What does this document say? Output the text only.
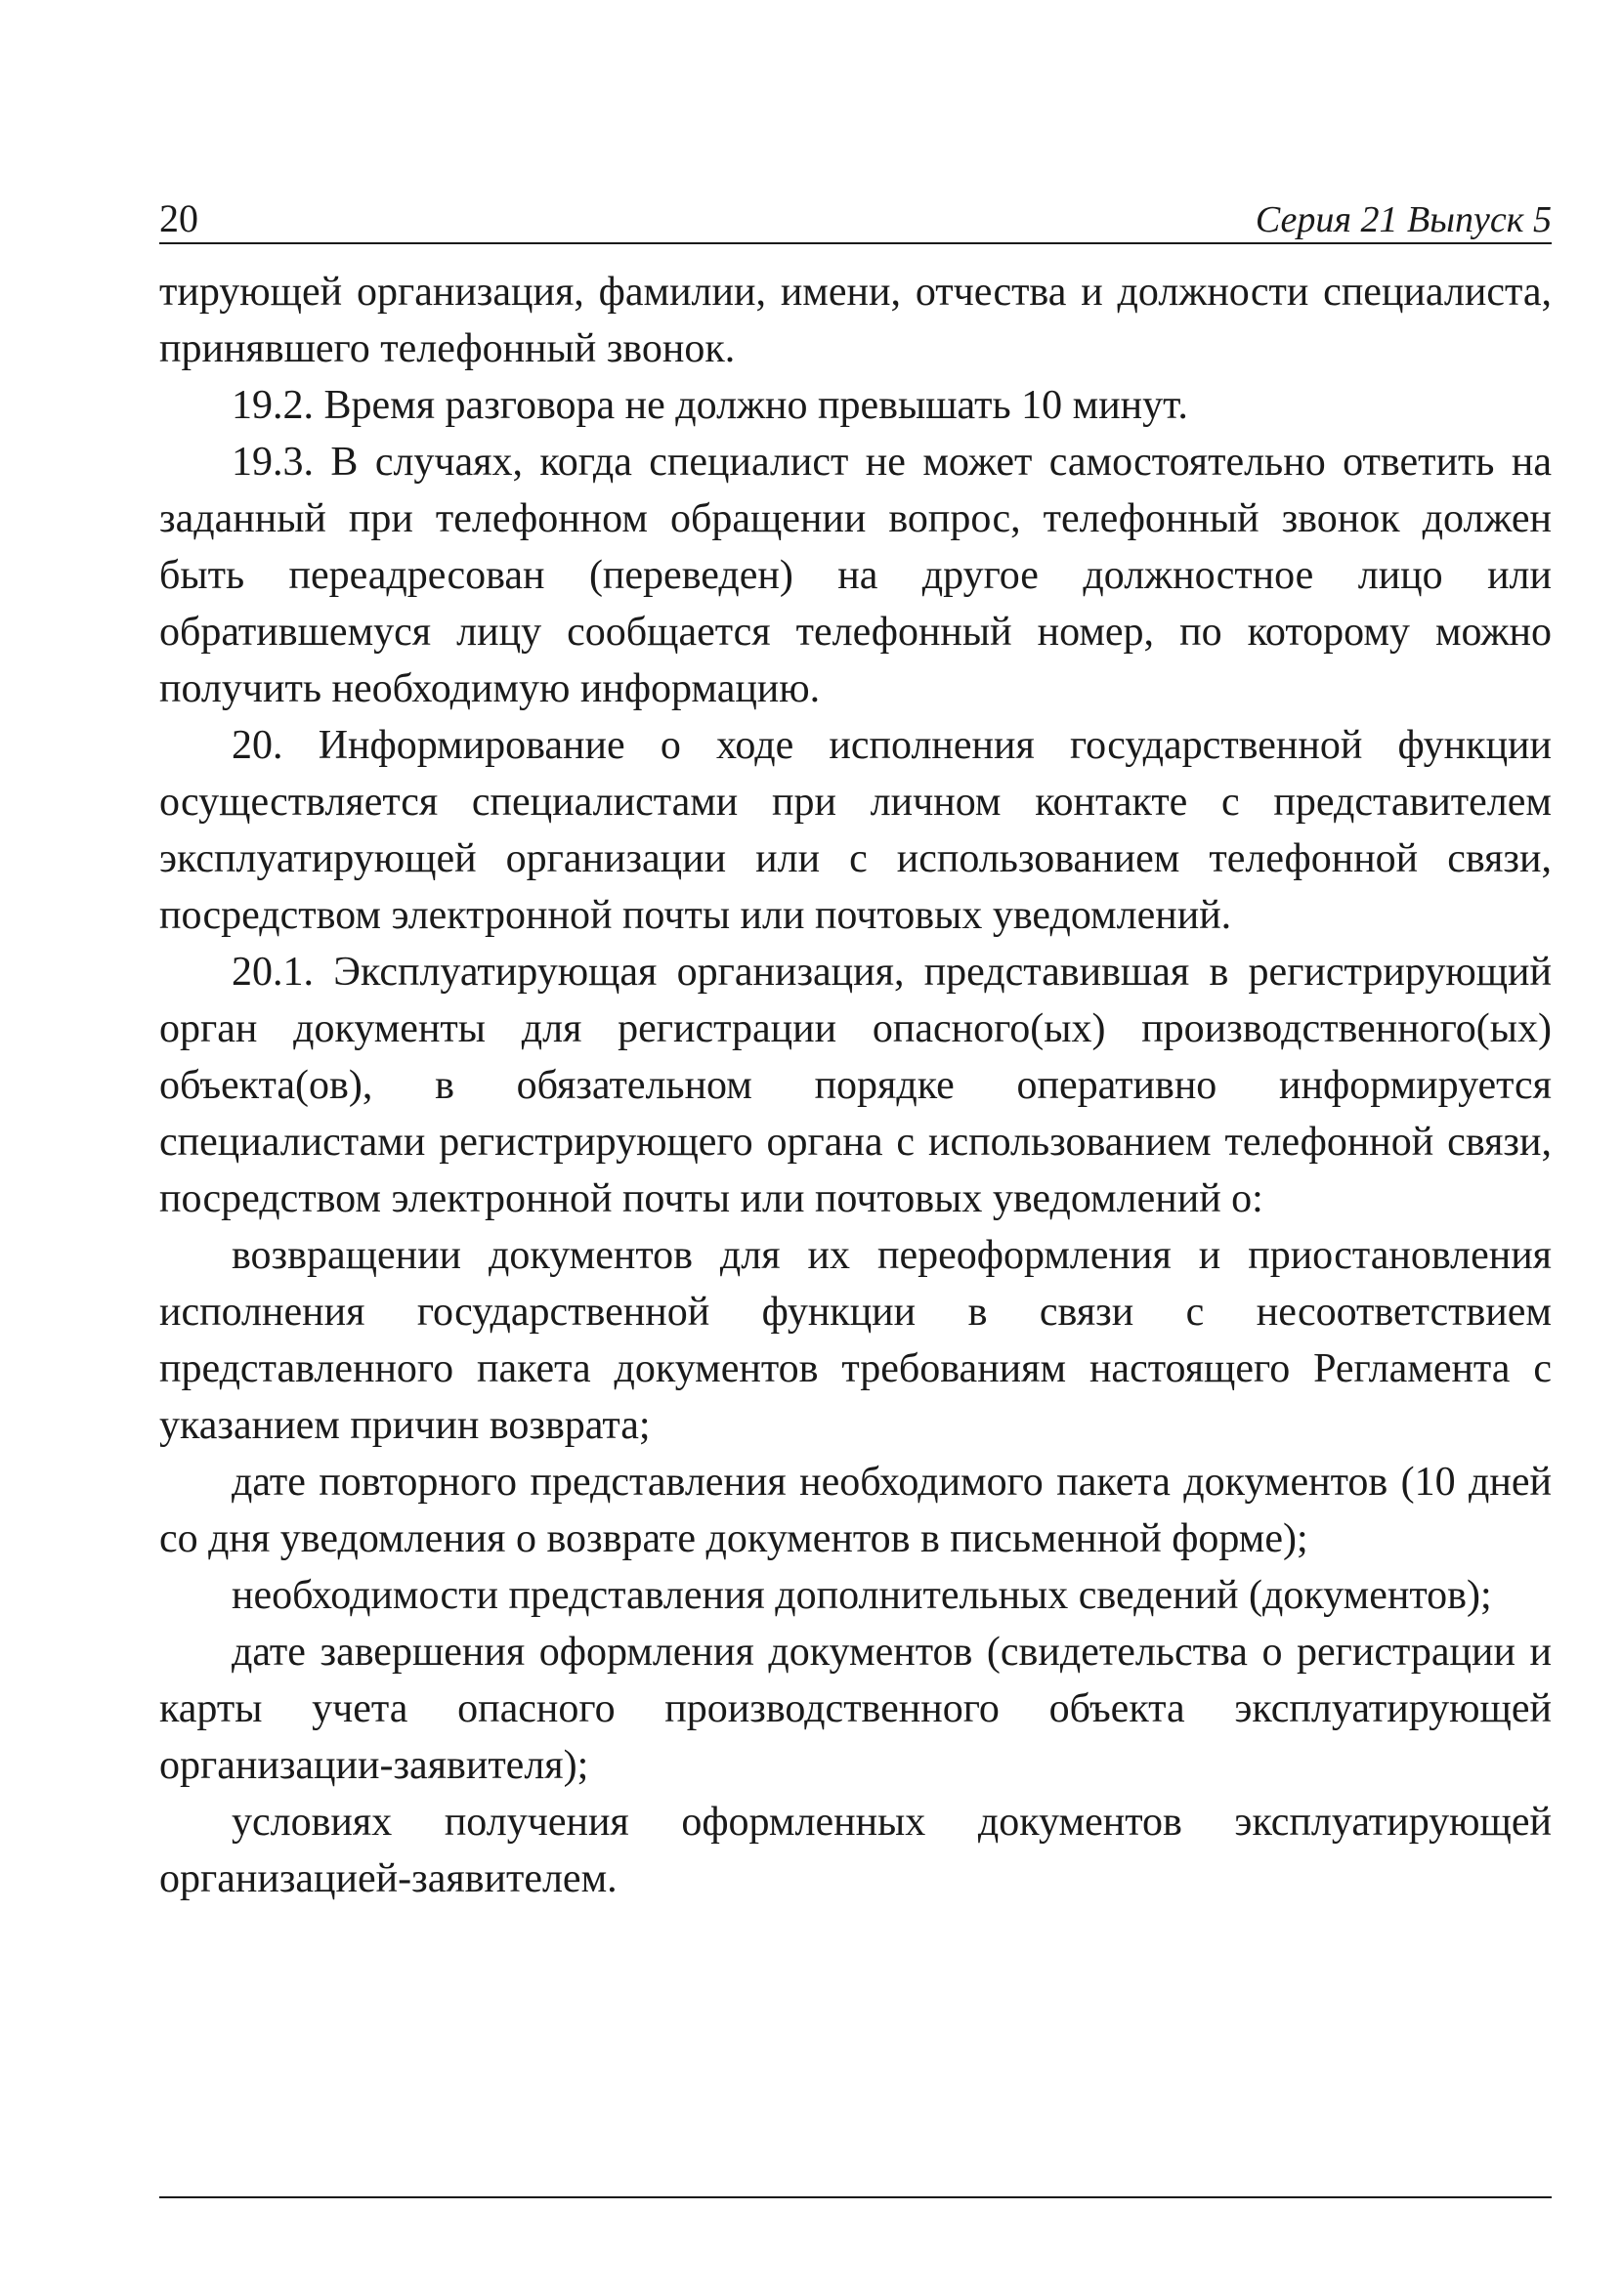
20	Серия 21 Выпуск 5

тирующей организация, фамилии, имени, отчества и должности специалиста, принявшего телефонный звонок.

19.2. Время разговора не должно превышать 10 минут.

19.3. В случаях, когда специалист не может самостоятельно ответить на заданный при телефонном обращении вопрос, телефонный звонок должен быть переадресован (переведен) на другое должностное лицо или обратившемуся лицу сообщается телефонный номер, по которому можно получить необходимую информацию.

20. Информирование о ходе исполнения государственной функции осуществляется специалистами при личном контакте с представителем эксплуатирующей организации или с использованием телефонной связи, посредством электронной почты или почтовых уведомлений.

20.1. Эксплуатирующая организация, представившая в регистрирующий орган документы для регистрации опасного(ых) производственного(ых) объекта(ов), в обязательном порядке оперативно информируется специалистами регистрирующего органа с использованием телефонной связи, посредством электронной почты или почтовых уведомлений о:

возвращении документов для их переоформления и приостановления исполнения государственной функции в связи с несоответствием представленного пакета документов требованиям настоящего Регламента с указанием причин возврата;

дате повторного представления необходимого пакета документов (10 дней со дня уведомления о возврате документов в письменной форме);

необходимости представления дополнительных сведений (документов);

дате завершения оформления документов (свидетельства о регистрации и карты учета опасного производственного объекта эксплуатирующей организации-заявителя);

условиях получения оформленных документов эксплуатирующей организацией-заявителем.
